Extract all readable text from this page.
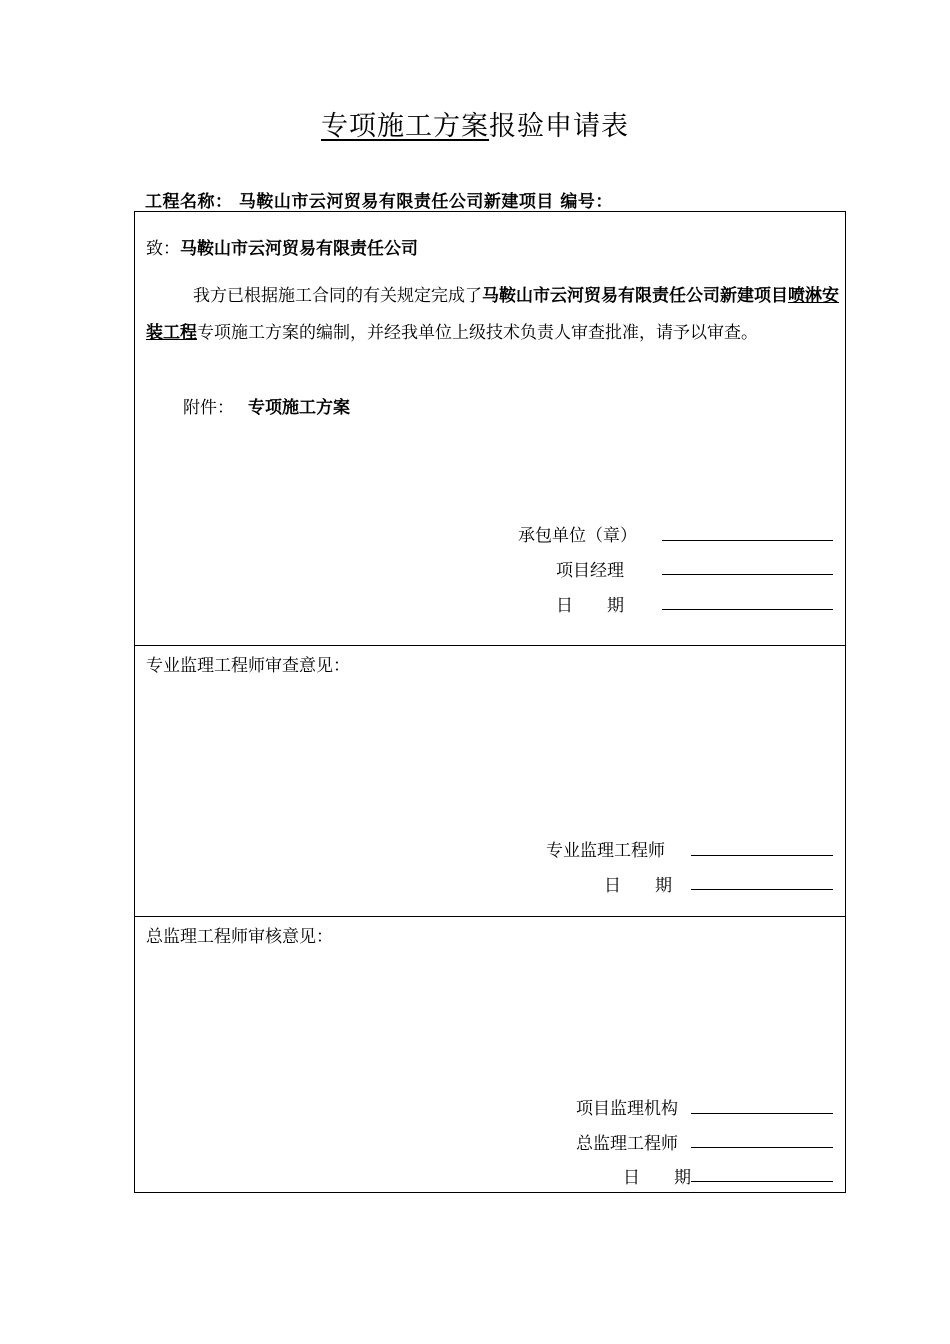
专项施工方案报验申请表
工程名称： 马鞍山市云河贸易有限责任公司新建项目 编号：
致：马鞍山市云河贸易有限责任公司
我方已根据施工合同的有关规定完成了马鞍山市云河贸易有限责任公司新建项目喷淋安装工程专项施工方案的编制，并经我单位上级技术负责人审查批准，请予以审查。
附件： 专项施工方案
承包单位（章）
项目经理
日　　期
专业监理工程师审查意见：
专业监理工程师
日　　期
总监理工程师审核意见：
项目监理机构
总监理工程师
日　　期
